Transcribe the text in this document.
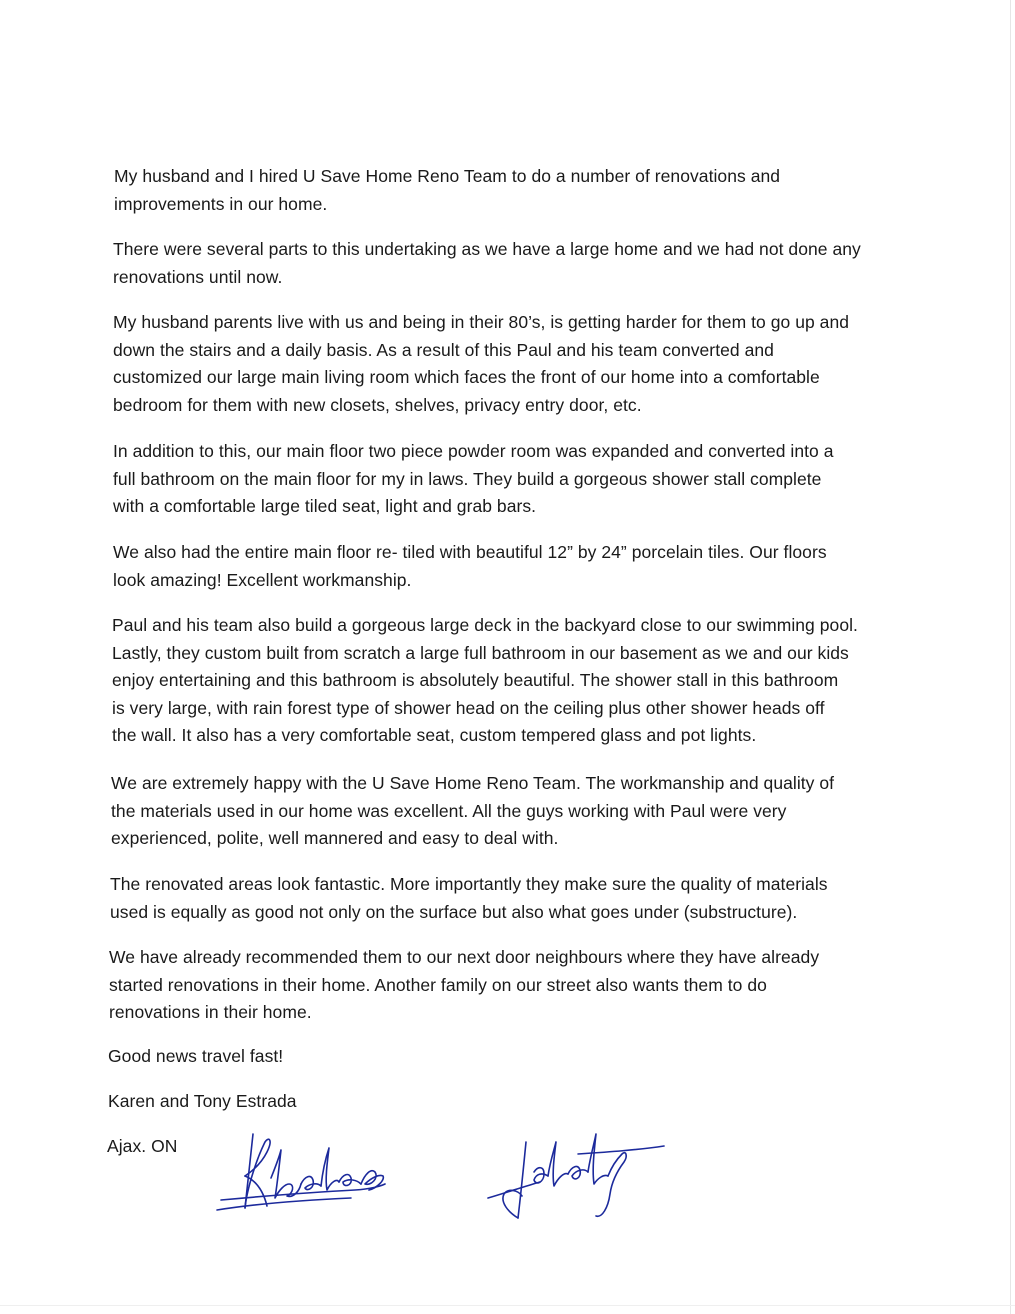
My husband and I hired U Save Home Reno Team to do a number of renovations and
improvements in our home.

There were several parts to this undertaking as we have a large home and we had not done any
renovations until now.

My husband parents live with us and being in their 80’s, is getting harder for them to go up and
down the stairs and a daily basis. As a result of this Paul and his team converted and
customized our large main living room which faces the front of our home into a comfortable
bedroom for them with new closets, shelves, privacy entry door, etc.

In addition to this, our main floor two piece powder room was expanded and converted into a
full bathroom on the main floor for my in laws. They build a gorgeous shower stall complete
with a comfortable large tiled seat, light and grab bars.

We also had the entire main floor re- tiled with beautiful 12” by 24” porcelain tiles. Our floors
look amazing! Excellent workmanship.

Paul and his team also build a gorgeous large deck in the backyard close to our swimming pool.
Lastly, they custom built from scratch a large full bathroom in our basement as we and our kids
enjoy entertaining and this bathroom is absolutely beautiful. The shower stall in this bathroom
is very large, with rain forest type of shower head on the ceiling plus other shower heads off
the wall. It also has a very comfortable seat, custom tempered glass and pot lights.

We are extremely happy with the U Save Home Reno Team. The workmanship and quality of
the materials used in our home was excellent. All the guys working with Paul were very
experienced, polite, well mannered and easy to deal with.

The renovated areas look fantastic. More importantly they make sure the quality of materials
used is equally as good not only on the surface but also what goes under (substructure).

We have already recommended them to our next door neighbours where they have already
started renovations in their home. Another family on our street also wants them to do
renovations in their home.

Good news travel fast!

Karen and Tony Estrada

Ajax. ON
